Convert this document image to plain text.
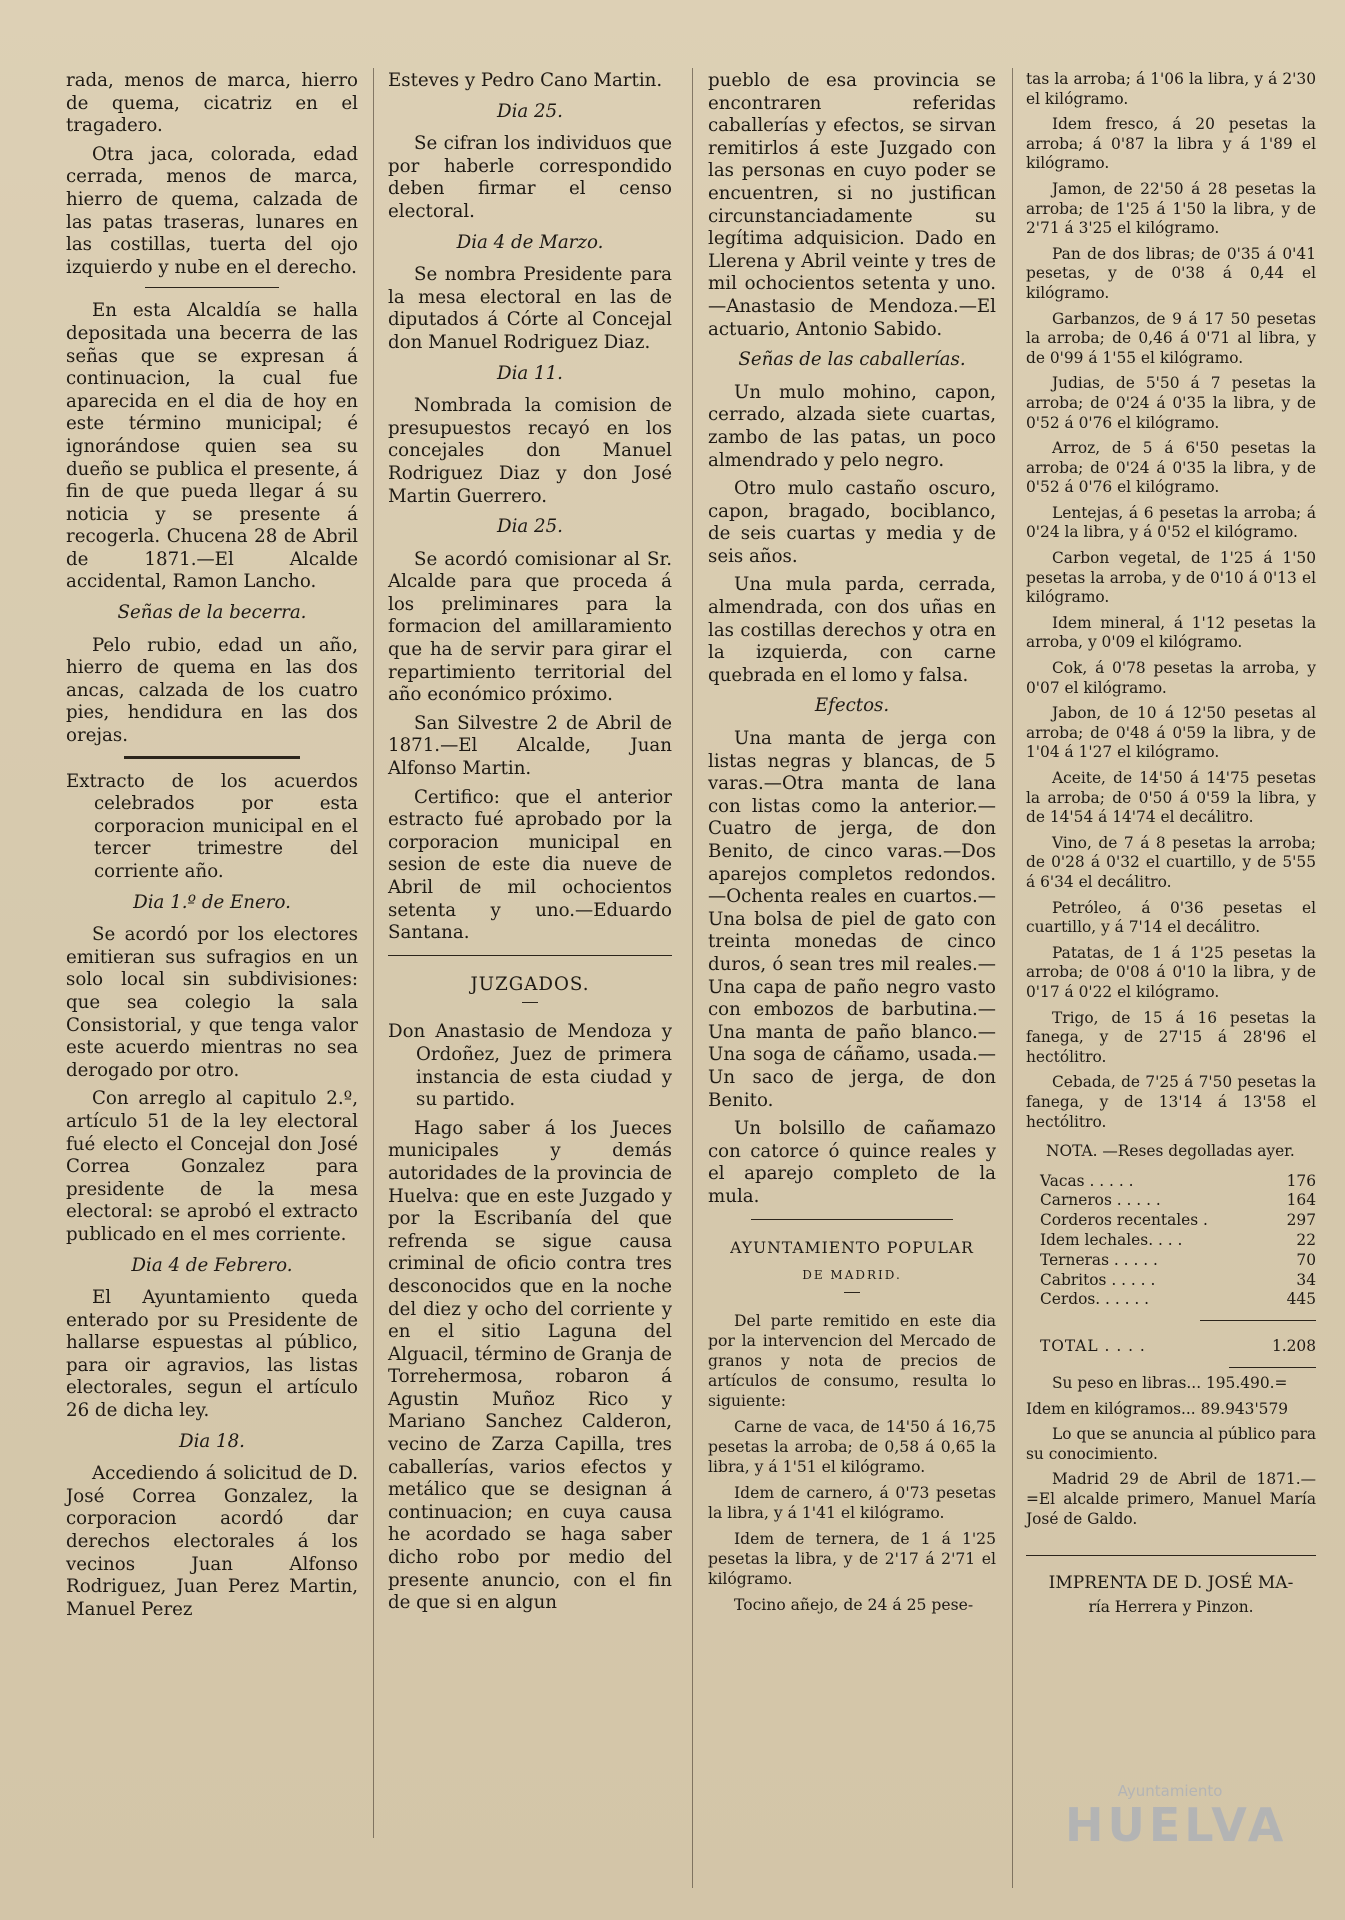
rada, menos de marca, hierro de quema, cicatriz en el tragadero.

Otra jaca, colorada, edad cerrada, menos de marca, hierro de quema, calzada de las patas traseras, lunares en las costillas, tuerta del ojo izquierdo y nube en el derecho.

En esta Alcaldía se halla depositada una becerra de las señas que se expresan á continuacion, la cual fue aparecida en el dia de hoy en este término municipal; é ignorándose quien sea su dueño se publica el presente, á fin de que pueda llegar á su noticia y se presente á recogerla. Chucena 28 de Abril de 1871.—El Alcalde accidental, Ramon Lancho.

Señas de la becerra.

Pelo rubio, edad un año, hierro de quema en las dos ancas, calzada de los cuatro pies, hendidura en las dos orejas.

Extracto de los acuerdos celebrados por esta corporacion municipal en el tercer trimestre del corriente año.

Dia 1.º de Enero.

Se acordó por los electores emitieran sus sufragios en un solo local sin subdivisiones: que sea colegio la sala Consistorial, y que tenga valor este acuerdo mientras no sea derogado por otro.

Con arreglo al capitulo 2.º, artículo 51 de la ley electoral fué electo el Concejal don José Correa Gonzalez para presidente de la mesa electoral: se aprobó el extracto publicado en el mes corriente.

Dia 4 de Febrero.

El Ayuntamiento queda enterado por su Presidente de hallarse espuestas al público, para oir agravios, las listas electorales, segun el artículo 26 de dicha ley.

Dia 18.

Accediendo á solicitud de D. José Correa Gonzalez, la corporacion acordó dar derechos electorales á los vecinos Juan Alfonso Rodriguez, Juan Perez Martin, Manuel Perez

Esteves y Pedro Cano Martin.

Dia 25.

Se cifran los individuos que por haberle correspondido deben firmar el censo electoral.

Dia 4 de Marzo.

Se nombra Presidente para la mesa electoral en las de diputados á Córte al Concejal don Manuel Rodriguez Diaz.

Dia 11.

Nombrada la comision de presupuestos recayó en los concejales don Manuel Rodriguez Diaz y don José Martin Guerrero.

Dia 25.

Se acordó comisionar al Sr. Alcalde para que proceda á los preliminares para la formacion del amillaramiento que ha de servir para girar el repartimiento territorial del año económico próximo.

San Silvestre 2 de Abril de 1871.—El Alcalde, Juan Alfonso Martin.

Certifico: que el anterior estracto fué aprobado por la corporacion municipal en sesion de este dia nueve de Abril de mil ochocientos setenta y uno.—Eduardo Santana.

JUZGADOS.

Don Anastasio de Mendoza y Ordoñez, Juez de primera instancia de esta ciudad y su partido.

Hago saber á los Jueces municipales y demás autoridades de la provincia de Huelva: que en este Juzgado y por la Escribanía del que refrenda se sigue causa criminal de oficio contra tres desconocidos que en la noche del diez y ocho del corriente y en el sitio Laguna del Alguacil, término de Granja de Torrehermosa, robaron á Agustin Muñoz Rico y Mariano Sanchez Calderon, vecino de Zarza Capilla, tres caballerías, varios efectos y metálico que se designan á continuacion; en cuya causa he acordado se haga saber dicho robo por medio del presente anuncio, con el fin de que si en algun

pueblo de esa provincia se encontraren referidas caballerías y efectos, se sirvan remitirlos á este Juzgado con las personas en cuyo poder se encuentren, si no justifican circunstanciadamente su legítima adquisicion. Dado en Llerena y Abril veinte y tres de mil ochocientos setenta y uno.—Anastasio de Mendoza.—El actuario, Antonio Sabido.

Señas de las caballerías.

Un mulo mohino, capon, cerrado, alzada siete cuartas, zambo de las patas, un poco almendrado y pelo negro.

Otro mulo castaño oscuro, capon, bragado, bociblanco, de seis cuartas y media y de seis años.

Una mula parda, cerrada, almendrada, con dos uñas en las costillas derechos y otra en la izquierda, con carne quebrada en el lomo y falsa.

Efectos.

Una manta de jerga con listas negras y blancas, de 5 varas.—Otra manta de lana con listas como la anterior.—Cuatro de jerga, de don Benito, de cinco varas.—Dos aparejos completos redondos.—Ochenta reales en cuartos.—Una bolsa de piel de gato con treinta monedas de cinco duros, ó sean tres mil reales.—Una capa de paño negro vasto con embozos de barbutina.—Una manta de paño blanco.—Una soga de cáñamo, usada.—Un saco de jerga, de don Benito.

Un bolsillo de cañamazo con catorce ó quince reales y el aparejo completo de la mula.

AYUNTAMIENTO POPULAR

DE MADRID.

Del parte remitido en este dia por la intervencion del Mercado de granos y nota de precios de artículos de consumo, resulta lo siguiente:

Carne de vaca, de 14'50 á 16,75 pesetas la arroba; de 0,58 á 0,65 la libra, y á 1'51 el kilógramo.

Idem de carnero, á 0'73 pesetas la libra, y á 1'41 el kilógramo.

Idem de ternera, de 1 á 1'25 pesetas la libra, y de 2'17 á 2'71 el kilógramo.

Tocino añejo, de 24 á 25 pese-

tas la arroba; á 1'06 la libra, y á 2'30 el kilógramo.

Idem fresco, á 20 pesetas la arroba; á 0'87 la libra y á 1'89 el kilógramo.

Jamon, de 22'50 á 28 pesetas la arroba; de 1'25 á 1'50 la libra, y de 2'71 á 3'25 el kilógramo.

Pan de dos libras; de 0'35 á 0'41 pesetas, y de 0'38 á 0,44 el kilógramo.

Garbanzos, de 9 á 17 50 pesetas la arroba; de 0,46 á 0'71 al libra, y de 0'99 á 1'55 el kilógramo.

Judias, de 5'50 á 7 pesetas la arroba; de 0'24 á 0'35 la libra, y de 0'52 á 0'76 el kilógramo.

Arroz, de 5 á 6'50 pesetas la arroba; de 0'24 á 0'35 la libra, y de 0'52 á 0'76 el kilógramo.

Lentejas, á 6 pesetas la arroba; á 0'24 la libra, y á 0'52 el kilógramo.

Carbon vegetal, de 1'25 á 1'50 pesetas la arroba, y de 0'10 á 0'13 el kilógramo.

Idem mineral, á 1'12 pesetas la arroba, y 0'09 el kilógramo.

Cok, á 0'78 pesetas la arroba, y 0'07 el kilógramo.

Jabon, de 10 á 12'50 pesetas al arroba; de 0'48 á 0'59 la libra, y de 1'04 á 1'27 el kilógramo.

Aceite, de 14'50 á 14'75 pesetas la arroba; de 0'50 á 0'59 la libra, y de 14'54 á 14'74 el decálitro.

Vino, de 7 á 8 pesetas la arroba; de 0'28 á 0'32 el cuartillo, y de 5'55 á 6'34 el decálitro.

Petróleo, á 0'36 pesetas el cuartillo, y á 7'14 el decálitro.

Patatas, de 1 á 1'25 pesetas la arroba; de 0'08 á 0'10 la libra, y de 0'17 á 0'22 el kilógramo.

Trigo, de 15 á 16 pesetas la fanega, y de 27'15 á 28'96 el hectólitro.

Cebada, de 7'25 á 7'50 pesetas la fanega, y de 13'14 á 13'58 el hectólitro.

NOTA. —Reses degolladas ayer.

Vacas . . . . .	176
Carneros . . . . .	164
Corderos recentales .	297
Idem lechales. . . .	22
Terneras . . . . .	70
Cabritos . . . . .	34
Cerdos. . . . . .	445
TOTAL . . . .	1.208

Su peso en libras... 195.490.=

Idem en kilógramos... 89.943'579

Lo que se anuncia al público para su conocimiento.

Madrid 29 de Abril de 1871.—=El alcalde primero, Manuel María José de Galdo.

IMPRENTA DE D. JOSÉ MA-

ría Herrera y Pinzon.

Ayuntamiento
HUELVA
